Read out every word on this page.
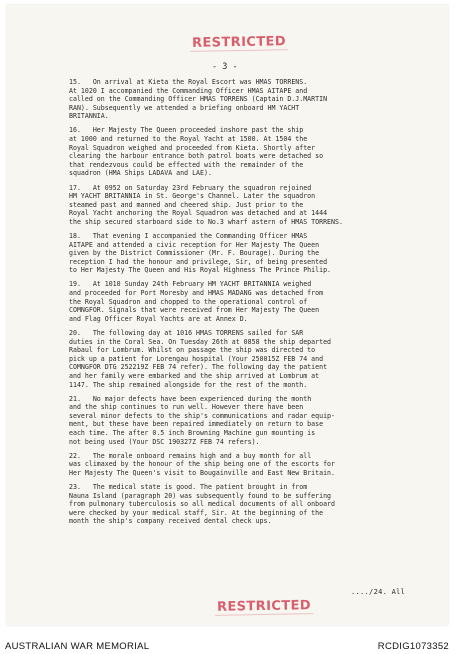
RESTRICTED
- 3 -
15.   On arrival at Kieta the Royal Escort was HMAS TORRENS.
At 1020 I accompanied the Commanding Officer HMAS AITAPE and
called on the Commanding Officer HMAS TORRENS (Captain D.J.MARTIN
RAN). Subsequently we attended a briefing onboard HM YACHT
BRITANNIA.
16.   Her Majesty The Queen proceeded inshore past the ship
at 1000 and returned to the Royal Yacht at 1500. At 1504 the
Royal Squadron weighed and proceeded from Kieta. Shortly after
clearing the harbour entrance both patrol boats were detached so
that rendezvous could be effected with the remainder of the
squadron (HMA Ships LADAVA and LAE).
17.   At 0952 on Saturday 23rd February the squadron rejoined
HM YACHT BRITANNIA in St. George's Channel. Later the squadron
steamed past and manned and cheered ship. Just prior to the
Royal Yacht anchoring the Royal Squadron was detached and at 1444
the ship secured starboard side to No.3 wharf astern of HMAS TORRENS.
18.   That evening I accompanied the Commanding Officer HMAS
AITAPE and attended a civic reception for Her Majesty The Queen
given by the District Commissioner (Mr. F. Bourage). During the
reception I had the honour and privilege, Sir, of being presented
to Her Majesty The Queen and His Royal Highness The Prince Philip.
19.   At 1010 Sunday 24th February HM YACHT BRITANNIA weighed
and proceeded for Port Moresby and HMAS MADANG was detached from
the Royal Squadron and chopped to the operational control of
COMNGFOR. Signals that were received from Her Majesty The Queen
and Flag Officer Royal Yachts are at Annex D.
20.   The following day at 1016 HMAS TORRENS sailed for SAR
duties in the Coral Sea. On Tuesday 26th at 0858 the ship departed
Rabaul for Lombrum. Whilst on passage the ship was directed to
pick up a patient for Lorengau hospital (Your 250015Z FEB 74 and
COMNGFOR DTG 252219Z FEB 74 refer). The following day the patient
and her family were embarked and the ship arrived at Lombrum at
1147. The ship remained alongside for the rest of the month.
21.   No major defects have been experienced during the month
and the ship continues to run well. However there have been
several minor defects to the ship's communications and radar equip-
ment, but these have been repaired immediately on return to base
each time. The after 0.5 inch Browning Machine gun mounting is
not being used (Your DSC 190327Z FEB 74 refers).
22.   The morale onboard remains high and a buy month for all
was climaxed by the honour of the ship being one of the escorts for
Her Majesty The Queen's visit to Bougainville and East New Britain.
23.   The medical state is good. The patient brought in from
Nauna Island (paragraph 20) was subsequently found to be suffering
from pulmonary tuberculosis so all medical documents of all onboard
were checked by your medical staff, Sir. At the beginning of the
month the ship's company received dental check ups.
..../24. All
RESTRICTED
AUSTRALIAN WAR MEMORIAL	RCDIG1073352
